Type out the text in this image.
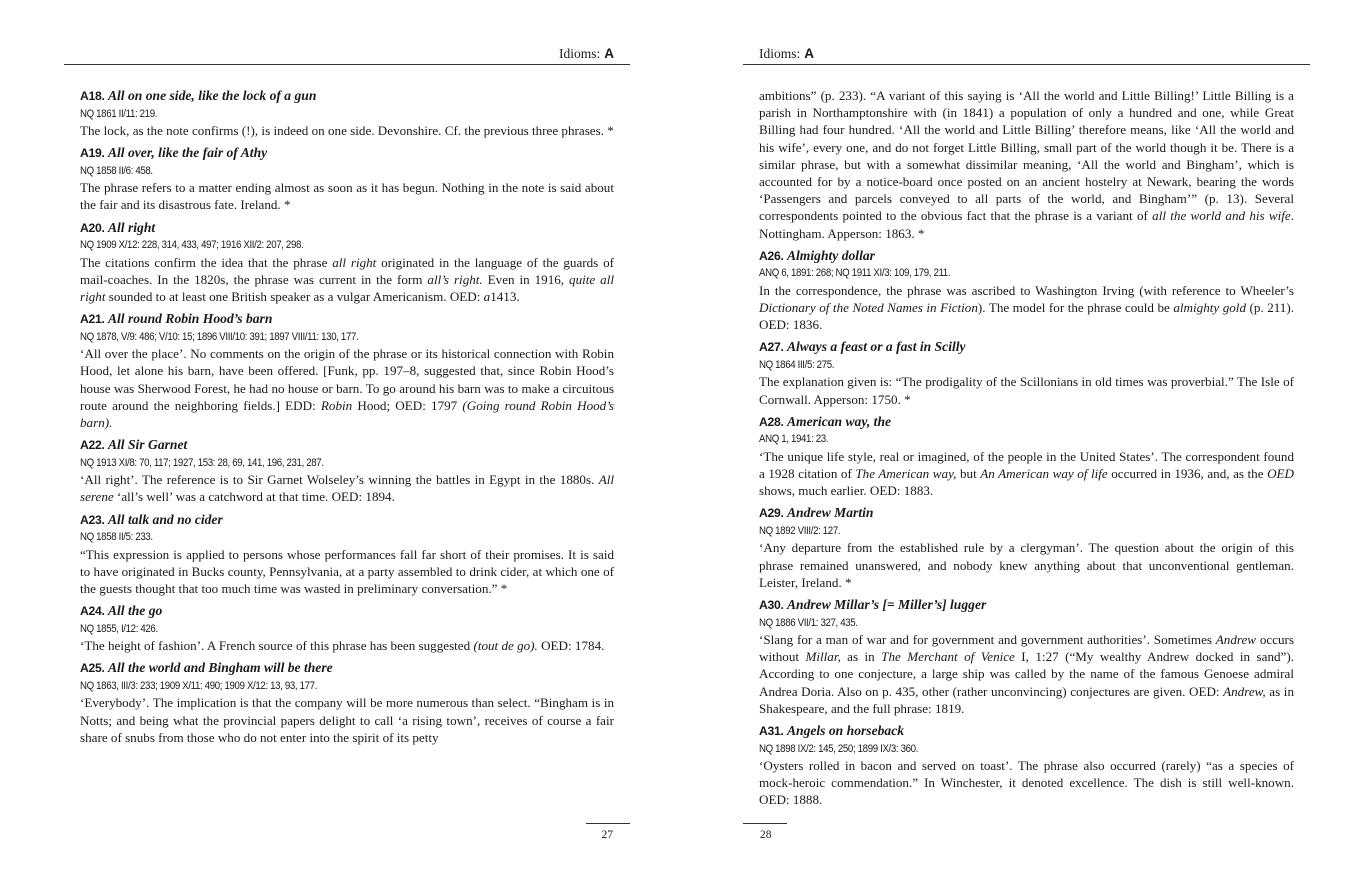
Idioms: A
A18. All on one side, like the lock of a gun
NQ 1861 II/11: 219.

The lock, as the note confirms (!), is indeed on one side. Devonshire. Cf. the previous three phrases. *

A19. All over, like the fair of Athy
NQ 1858 II/6: 458.

The phrase refers to a matter ending almost as soon as it has begun. Nothing in the note is said about the fair and its disastrous fate. Ireland. *

A20. All right
NQ 1909 X/12: 228, 314, 433, 497; 1916 XII/2: 207, 298.

The citations confirm the idea that the phrase all right originated in the language of the guards of mail-coaches. In the 1820s, the phrase was current in the form all’s right. Even in 1916, quite all right sounded to at least one British speaker as a vulgar Americanism. OED: a1413.

A21. All round Robin Hood’s barn
NQ 1878, V/9: 486; V/10: 15; 1896 VIII/10: 391; 1897 VIII/11: 130, 177.

‘All over the place’. No comments on the origin of the phrase or its historical connection with Robin Hood, let alone his barn, have been offered. [Funk, pp. 197–8, suggested that, since Robin Hood’s house was Sherwood Forest, he had no house or barn. To go around his barn was to make a circuitous route around the neighboring fields.] EDD: Robin Hood; OED: 1797 (Going round Robin Hood’s barn).

A22. All Sir Garnet
NQ 1913 XI/8: 70, 117; 1927, 153: 28, 69, 141, 196, 231, 287.

‘All right’. The reference is to Sir Garnet Wolseley’s winning the battles in Egypt in the 1880s. All serene ‘all’s well’ was a catchword at that time. OED: 1894.

A23. All talk and no cider
NQ 1858 II/5: 233.

“This expression is applied to persons whose performances fall far short of their promises. It is said to have originated in Bucks county, Pennsylvania, at a party assembled to drink cider, at which one of the guests thought that too much time was wasted in preliminary conversation.” *

A24. All the go
NQ 1855, I/12: 426.

‘The height of fashion’. A French source of this phrase has been suggested (tout de go). OED: 1784.

A25. All the world and Bingham will be there
NQ 1863, III/3: 233; 1909 X/11: 490; 1909 X/12: 13, 93, 177.

‘Everybody’. The implication is that the company will be more numerous than select. “Bingham is in Notts; and being what the provincial papers delight to call ‘a rising town’, receives of course a fair share of snubs from those who do not enter into the spirit of its petty

27
Idioms: A

ambitions” (p. 233). “A variant of this saying is ‘All the world and Little Billing!’ Little Billing is a parish in Northamptonshire with (in 1841) a population of only a hundred and one, while Great Billing had four hundred. ‘All the world and Little Billing’ therefore means, like ‘All the world and his wife’, every one, and do not forget Little Billing, small part of the world though it be. There is a similar phrase, but with a somewhat dissimilar meaning, ‘All the world and Bingham’, which is accounted for by a notice-board once posted on an ancient hostelry at Newark, bearing the words ‘Passengers and parcels conveyed to all parts of the world, and Bingham’” (p. 13). Several correspondents pointed to the obvious fact that the phrase is a variant of all the world and his wife. Nottingham. Apperson: 1863. *

A26. Almighty dollar
ANQ 6, 1891: 268; NQ 1911 XI/3: 109, 179, 211.

In the correspondence, the phrase was ascribed to Washington Irving (with reference to Wheeler’s Dictionary of the Noted Names in Fiction). The model for the phrase could be almighty gold (p. 211). OED: 1836.

A27. Always a feast or a fast in Scilly
NQ 1864 III/5: 275.

The explanation given is: “The prodigality of the Scillonians in old times was proverbial.” The Isle of Cornwall. Apperson: 1750. *

A28. American way, the
ANQ 1, 1941: 23.

‘The unique life style, real or imagined, of the people in the United States’. The correspondent found a 1928 citation of The American way, but An American way of life occurred in 1936, and, as the OED shows, much earlier. OED: 1883.

A29. Andrew Martin
NQ 1892 VIII/2: 127.

‘Any departure from the established rule by a clergyman’. The question about the origin of this phrase remained unanswered, and nobody knew anything about that unconventional gentleman. Leister, Ireland. *

A30. Andrew Millar’s [= Miller’s] lugger
NQ 1886 VII/1: 327, 435.

‘Slang for a man of war and for government and government authorities’. Sometimes Andrew occurs without Millar, as in The Merchant of Venice I, 1:27 (“My wealthy Andrew docked in sand”). According to one conjecture, a large ship was called by the name of the famous Genoese admiral Andrea Doria. Also on p. 435, other (rather unconvincing) conjectures are given. OED: Andrew, as in Shakespeare, and the full phrase: 1819.

A31. Angels on horseback
NQ 1898 IX/2: 145, 250; 1899 IX/3: 360.

‘Oysters rolled in bacon and served on toast’. The phrase also occurred (rarely) “as a species of mock-heroic commendation.” In Winchester, it denoted excellence. The dish is still well-known. OED: 1888.

28
